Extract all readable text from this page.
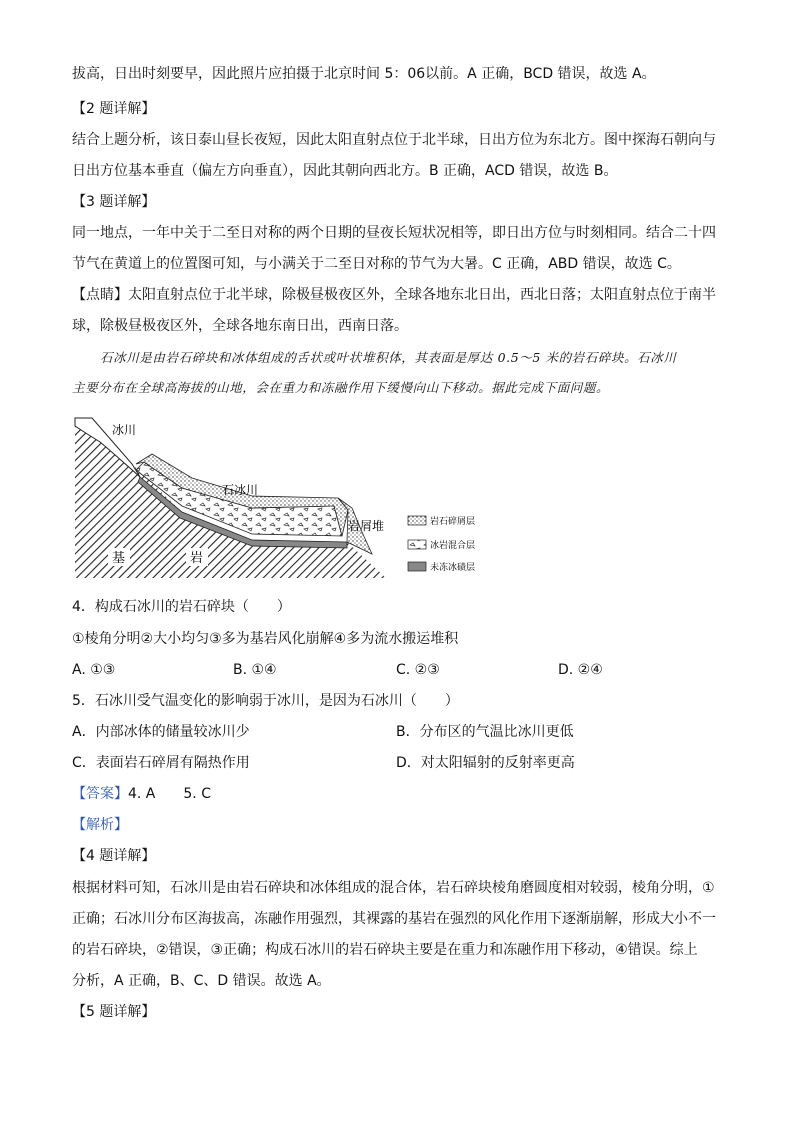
拔高，日出时刻要早，因此照片应拍摄于北京时间 5：06以前。A 正确，BCD 错误，故选 A。
【2 题详解】
结合上题分析，该日泰山昼长夜短，因此太阳直射点位于北半球，日出方位为东北方。图中探海石朝向与
日出方位基本垂直（偏左方向垂直），因此其朝向西北方。B 正确，ACD 错误，故选 B。
【3 题详解】
同一地点，一年中关于二至日对称的两个日期的昼夜长短状况相等，即日出方位与时刻相同。结合二十四
节气在黄道上的位置图可知，与小满关于二至日对称的节气为大暑。C 正确，ABD 错误，故选 C。
【点睛】太阳直射点位于北半球，除极昼极夜区外，全球各地东北日出，西北日落；太阳直射点位于南半
球，除极昼极夜区外，全球各地东南日出，西南日落。
石冰川是由岩石碎块和冰体组成的舌状或叶状堆积体，其表面是厚达 0.5～5 米的岩石碎块。石冰川
主要分布在全球高海拔的山地，会在重力和冻融作用下缓慢向山下移动。据此完成下面问题。
冰川
石冰川
岩屑堆
基	岩
岩石碎屑层
冰岩混合层
未冻冰碛层
4．构成石冰川的岩石碎块（　　）
①棱角分明②大小均匀③多为基岩风化崩解④多为流水搬运堆积
A. ①③	B. ①④	C. ②③	D. ②④
5．石冰川受气温变化的影响弱于冰川，是因为石冰川（　　）
A．内部冰体的储量较冰川少	B．分布区的气温比冰川更低
C．表面岩石碎屑有隔热作用	D．对太阳辐射的反射率更高
【答案】4. A　　5. C
【解析】
【4 题详解】
根据材料可知，石冰川是由岩石碎块和冰体组成的混合体，岩石碎块棱角磨圆度相对较弱，棱角分明，①
正确；石冰川分布区海拔高，冻融作用强烈，其裸露的基岩在强烈的风化作用下逐渐崩解，形成大小不一
的岩石碎块，②错误，③正确；构成石冰川的岩石碎块主要是在重力和冻融作用下移动，④错误。综上
分析，A 正确，B、C、D 错误。故选 A。
【5 题详解】
